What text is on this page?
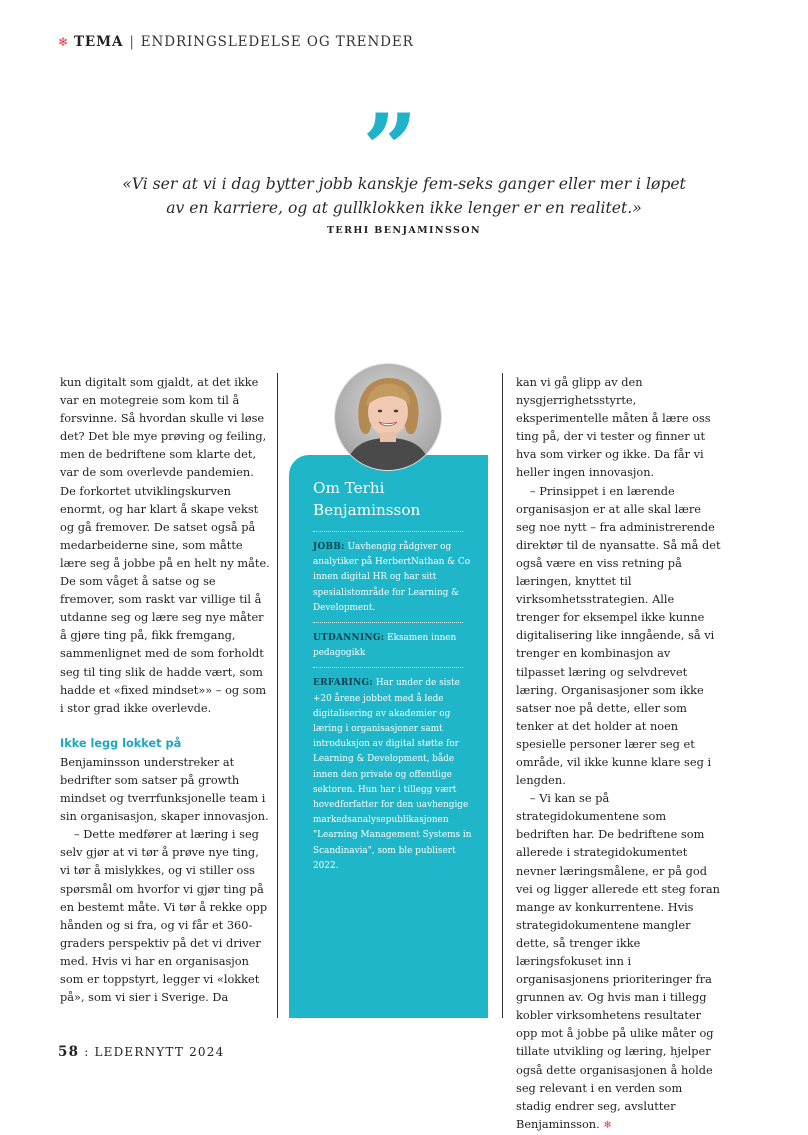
❄ TEMA | ENDRINGSLEDELSE OG TRENDER
”
«Vi ser at vi i dag bytter jobb kanskje fem-seks ganger eller mer i løpet
av en karriere, og at gullklokken ikke lenger er en realitet.»
TERHI BENJAMINSSON

kun digitalt som gjaldt, at det ikke var en motegreie som kom til å forsvinne. Så hvordan skulle vi løse det? Det ble mye prøving og feiling, men de bedriftene som klarte det, var de som overlevde pandemien. De forkortet utviklingskurven enormt, og har klart å skape vekst og gå fremover. De satset også på medarbeiderne sine, som måtte lære seg å jobbe på en helt ny måte. De som våget å satse og se fremover, som raskt var villige til å utdanne seg og lære seg nye måter å gjøre ting på, fikk fremgang, sammenlignet med de som forholdt seg til ting slik de hadde vært, som hadde et «fixed mindset»» – og som i stor grad ikke overlevde.

Ikke legg lokket på

Benjaminsson understreker at bedrifter som satser på growth mindset og tverrfunksjonelle team i sin organisasjon, skaper innovasjon.

– Dette medfører at læring i seg selv gjør at vi tør å prøve nye ting, vi tør å mislykkes, og vi stiller oss spørsmål om hvorfor vi gjør ting på en bestemt måte. Vi tør å rekke opp hånden og si fra, og vi får et 360-graders perspektiv på det vi driver med. Hvis vi har en organisasjon som er toppstyrt, legger vi «lokket på», som vi sier i Sverige. Da

Om Terhi Benjaminsson
JOBB: Uavhengig rådgiver og analytiker på HerbertNathan & Co innen digital HR og har sitt spesialistområde for Learning & Development.
UTDANNING: Eksamen innen pedagogikk
ERFARING: Har under de siste +20 årene jobbet med å lede digitalisering av akademier og læring i organisasjoner samt introduksjon av digital støtte for Learning & Development, både innen den private og offentlige sektoren. Hun har i tillegg vært hovedforfatter for den uavhengige markedsanalysepublikasjonen "Learning Management Systems in Scandinavia", som ble publisert 2022.

kan vi gå glipp av den nysgjerrighetsstyrte, eksperimentelle måten å lære oss ting på, der vi tester og finner ut hva som virker og ikke. Da får vi heller ingen innovasjon.

– Prinsippet i en lærende organisasjon er at alle skal lære seg noe nytt – fra administrerende direktør til de nyansatte. Så må det også være en viss retning på læringen, knyttet til virksomhetsstrategien. Alle trenger for eksempel ikke kunne digitalisering like inngående, så vi trenger en kombinasjon av tilpasset læring og selvdrevet læring. Organisasjoner som ikke satser noe på dette, eller som tenker at det holder at noen spesielle personer lærer seg et område, vil ikke kunne klare seg i lengden.

– Vi kan se på strategidokumentene som bedriften har. De bedriftene som allerede i strategidokumentet nevner læringsmålene, er på god vei og ligger allerede ett steg foran mange av konkurrentene. Hvis strategidokumentene mangler dette, så trenger ikke læringsfokuset inn i organisasjonens prioriteringer fra grunnen av. Og hvis man i tillegg kobler virksomhetens resultater opp mot å jobbe på ulike måter og tillate utvikling og læring, hjelper også dette organisasjonen å holde seg relevant i en verden som stadig endrer seg, avslutter Benjaminsson. ❄

58 : LEDERNYTT 2024
